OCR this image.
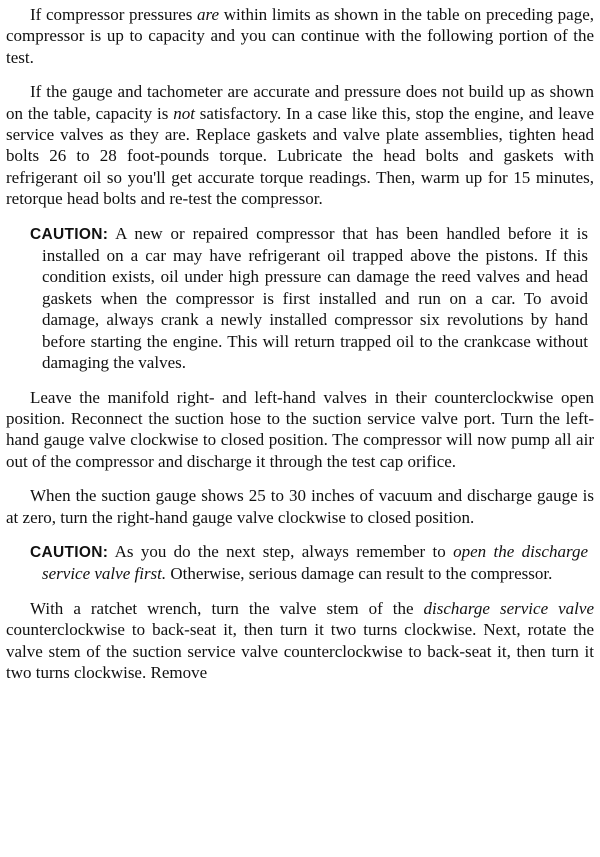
If compressor pressures are within limits as shown in the table on preceding page, compressor is up to capacity and you can continue with the following portion of the test.

If the gauge and tachometer are accurate and pressure does not build up as shown on the table, capacity is not satisfactory. In a case like this, stop the engine, and leave service valves as they are. Replace gaskets and valve plate assemblies, tighten head bolts 26 to 28 foot-pounds torque. Lubricate the head bolts and gaskets with refrigerant oil so you'll get accurate torque readings. Then, warm up for 15 minutes, retorque head bolts and re-test the compressor.

CAUTION: A new or repaired compressor that has been handled before it is installed on a car may have refrigerant oil trapped above the pistons. If this condition exists, oil under high pressure can damage the reed valves and head gaskets when the compressor is first installed and run on a car. To avoid damage, always crank a newly installed compressor six revolutions by hand before starting the engine. This will return trapped oil to the crankcase without damaging the valves.

Leave the manifold right- and left-hand valves in their counterclockwise open position. Reconnect the suction hose to the suction service valve port. Turn the left-hand gauge valve clockwise to closed position. The compressor will now pump all air out of the compressor and discharge it through the test cap orifice.

When the suction gauge shows 25 to 30 inches of vacuum and discharge gauge is at zero, turn the right-hand gauge valve clockwise to closed position.

CAUTION: As you do the next step, always remember to open the discharge service valve first. Otherwise, serious damage can result to the compressor.

With a ratchet wrench, turn the valve stem of the discharge service valve counterclockwise to back-seat it, then turn it two turns clockwise. Next, rotate the valve stem of the suction service valve counterclockwise to back-seat it, then turn it two turns clockwise. Remove
